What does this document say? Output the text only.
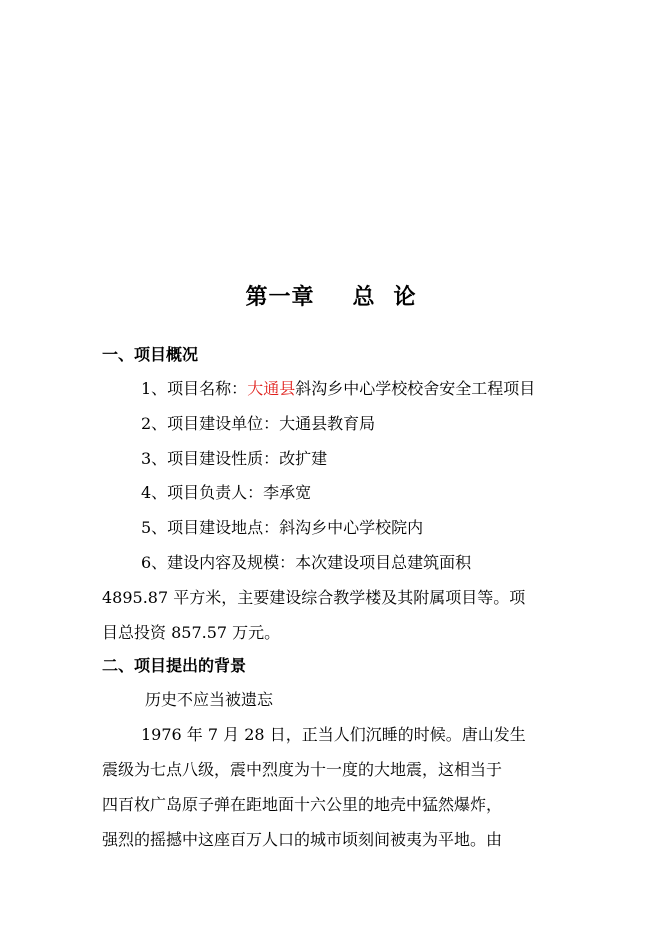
第一章 总 论
一、项目概况
1、项目名称：大通县斜沟乡中心学校校舍安全工程项目
2、项目建设单位：大通县教育局
3、项目建设性质：改扩建
4、项目负责人：李承宽
5、项目建设地点：斜沟乡中心学校院内
6、建设内容及规模：本次建设项目总建筑面积
4895.87 平方米，主要建设综合教学楼及其附属项目等。项
目总投资 857.57 万元。
二、项目提出的背景
历史不应当被遗忘
1976 年 7 月 28 日，正当人们沉睡的时候。唐山发生
震级为七点八级，震中烈度为十一度的大地震，这相当于
四百枚广岛原子弹在距地面十六公里的地壳中猛然爆炸，
强烈的摇撼中这座百万人口的城市顷刻间被夷为平地。由
